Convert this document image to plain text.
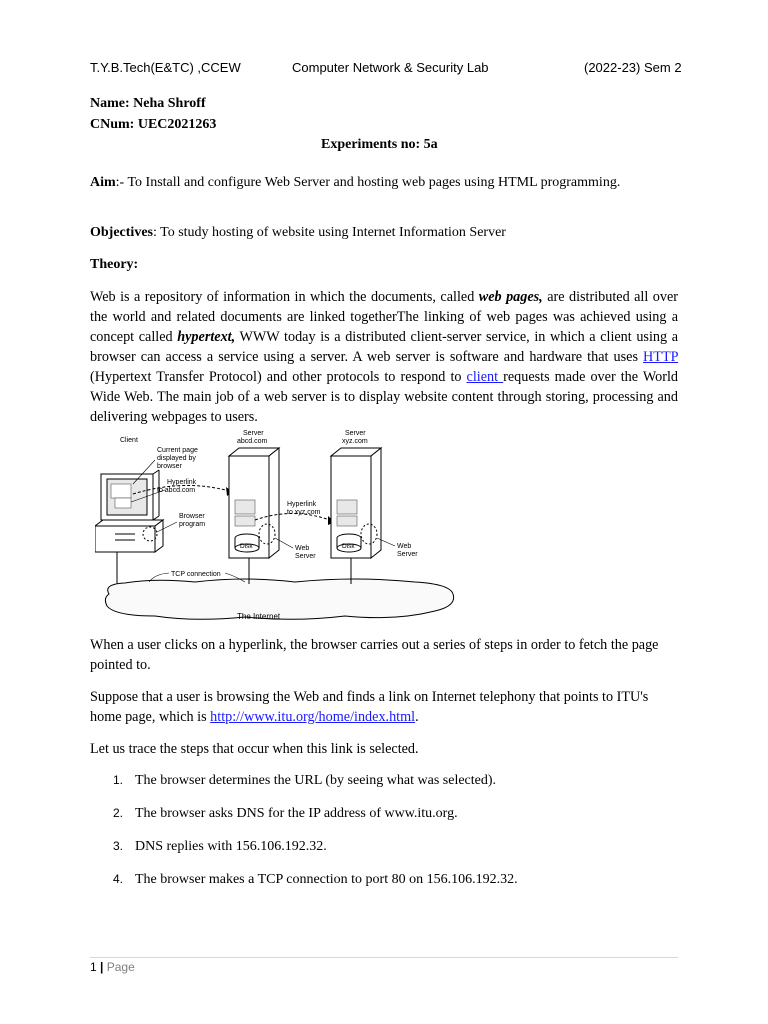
T.Y.B.Tech(E&TC) ,CCEW	Computer Network & Security Lab	(2022-23) Sem 2
Name: Neha Shroff
CNum: UEC2021263
Experiments no: 5a
Aim:- To Install and configure Web Server and hosting web pages using HTML programming.
Objectives: To study hosting of website using Internet Information Server
Theory:
Web is a repository of information in which the documents, called web pages, are distributed all over the world and related documents are linked togetherThe linking of web pages was achieved using a concept called hypertext, WWW today is a distributed client-server service, in which a client using a browser can access a service using a server. A web server is software and hardware that uses HTTP (Hypertext Transfer Protocol) and other protocols to respond to client requests made over the World Wide Web. The main job of a web server is to display website content through storing, processing and delivering webpages to users.
The Internet
Client
Current page
displayed by
browser
Hyperlink
to abcd.com
Browser
program
Disk
Server
abcd.com
Web
Server
Hyperlink
to xyz.com
Disk
Server
xyz.com
Web
Server
TCP connection
When a user clicks on a hyperlink, the browser carries out a series of steps in order to fetch the page pointed to.
Suppose that a user is browsing the Web and finds a link on Internet telephony that points to ITU's home page, which is http://www.itu.org/home/index.html.
Let us trace the steps that occur when this link is selected.
1. The browser determines the URL (by seeing what was selected).
2. The browser asks DNS for the IP address of www.itu.org.
3. DNS replies with 156.106.192.32.
4. The browser makes a TCP connection to port 80 on 156.106.192.32.
1 | Page
